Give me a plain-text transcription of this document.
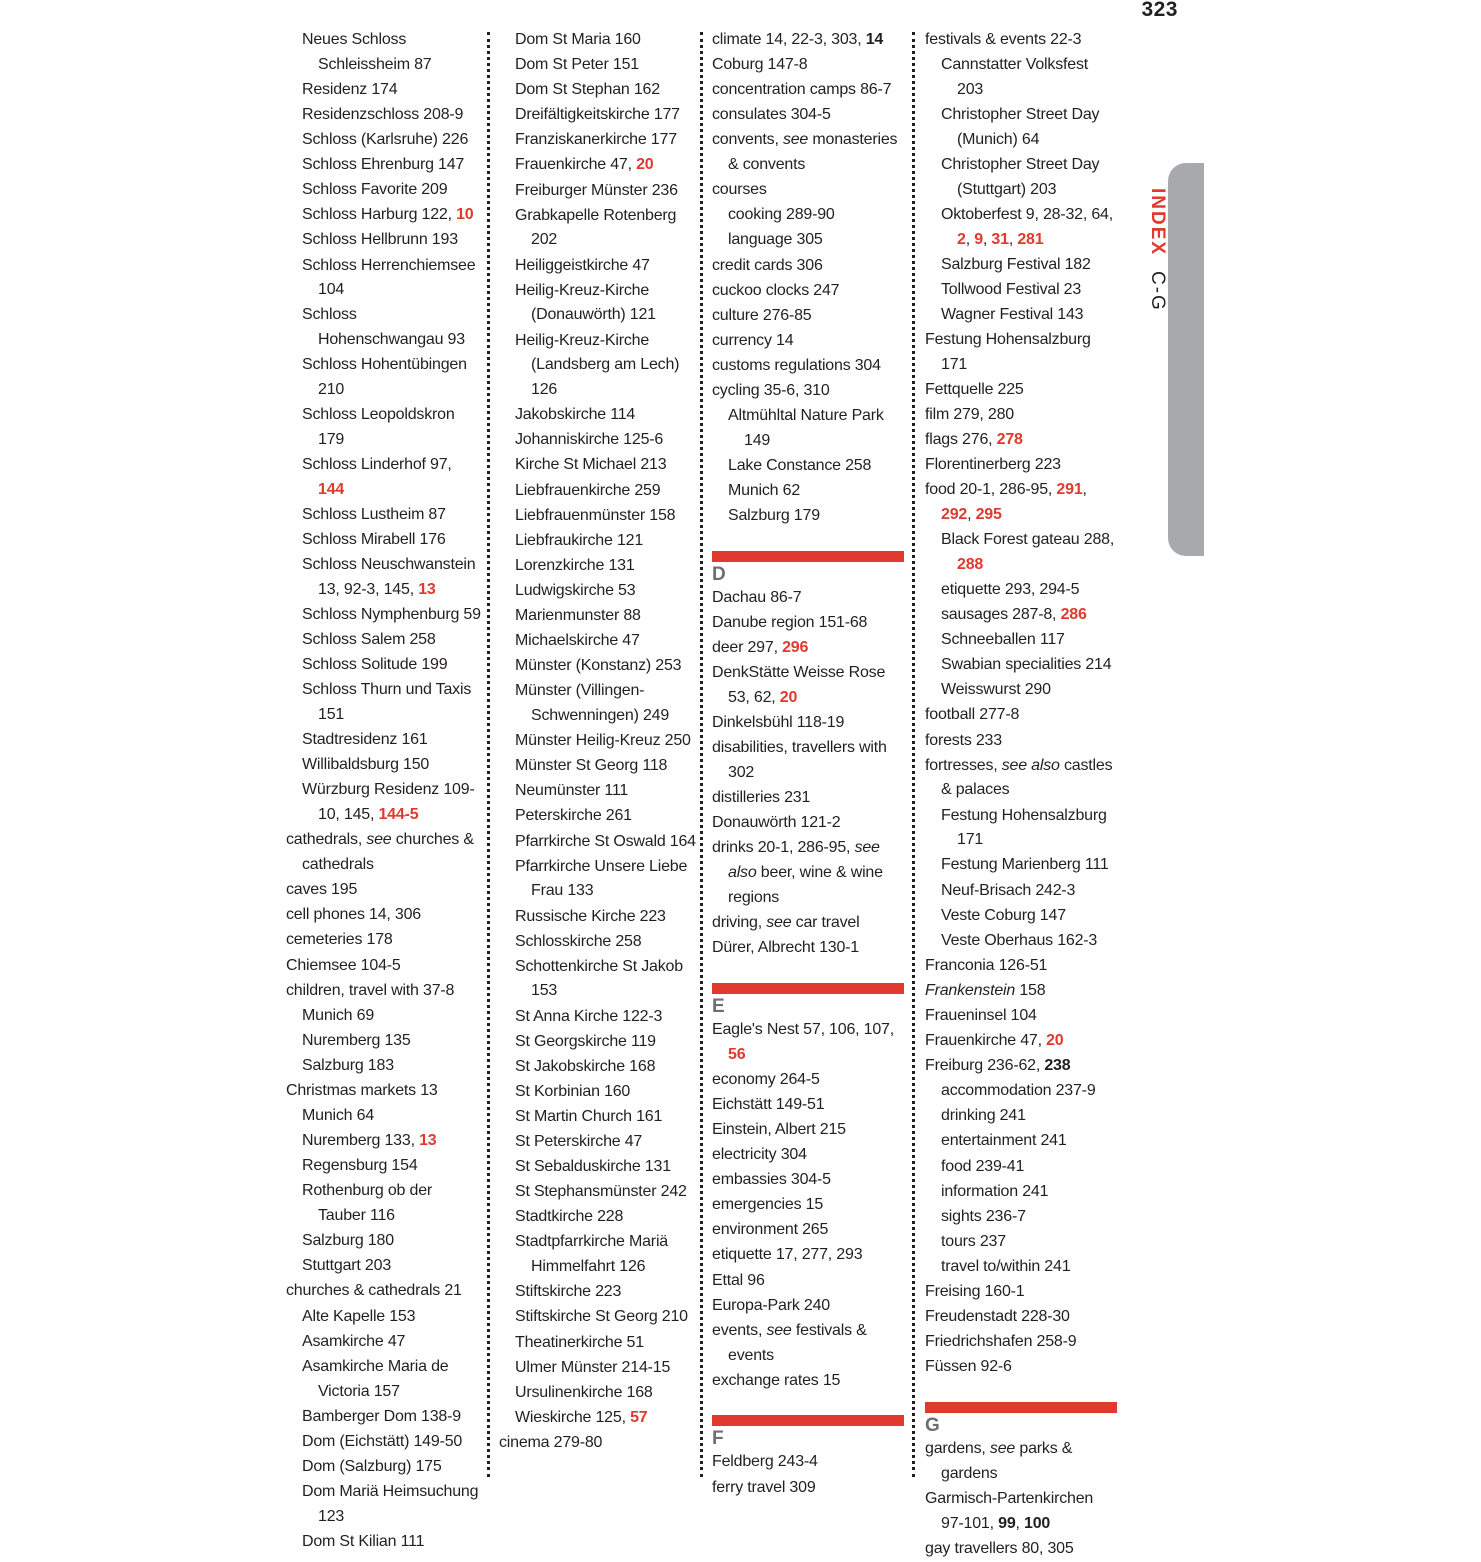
323
INDEX C-G
Neues Schloss Schleissheim 87
Residenz 174
Residenzschloss 208-9
Schloss (Karlsruhe) 226
Schloss Ehrenburg 147
Schloss Favorite 209
Schloss Harburg 122, 10
Schloss Hellbrunn 193
Schloss Herrenchiemsee 104
Schloss Hohenschwangau 93
Schloss Hohentübingen 210
Schloss Leopoldskron 179
Schloss Linderhof 97, 144
Schloss Lustheim 87
Schloss Mirabell 176
Schloss Neuschwanstein 13, 92-3, 145, 13
Schloss Nymphenburg 59
Schloss Salem 258
Schloss Solitude 199
Schloss Thurn und Taxis 151
Stadtresidenz 161
Willibaldsburg 150
Würzburg Residenz 109-10, 145, 144-5
cathedrals, see churches & cathedrals
caves 195
cell phones 14, 306
cemeteries 178
Chiemsee 104-5
children, travel with 37-8
Munich 69
Nuremberg 135
Salzburg 183
Christmas markets 13
Munich 64
Nuremberg 133, 13
Regensburg 154
Rothenburg ob der Tauber 116
Salzburg 180
Stuttgart 203
churches & cathedrals 21
Alte Kapelle 153
Asamkirche 47
Asamkirche Maria de Victoria 157
Bamberger Dom 138-9
Dom (Eichstätt) 149-50
Dom (Salzburg) 175
Dom Mariä Heimsuchung 123
Dom St Kilian 111
Dom St Maria 160
Dom St Peter 151
Dom St Stephan 162
Dreifältigkeitskirche 177
Franziskanerkirche 177
Frauenkirche 47, 20
Freiburger Münster 236
Grabkapelle Rotenberg 202
Heiliggeistkirche 47
Heilig-Kreuz-Kirche (Donauwörth) 121
Heilig-Kreuz-Kirche (Landsberg am Lech) 126
Jakobskirche 114
Johanniskirche 125-6
Kirche St Michael 213
Liebfrauenkirche 259
Liebfrauenmünster 158
Liebfraukirche 121
Lorenzkirche 131
Ludwigskirche 53
Marienmunster 88
Michaelskirche 47
Münster (Konstanz) 253
Münster (Villingen-Schwenningen) 249
Münster Heilig-Kreuz 250
Münster St Georg 118
Neumünster 111
Peterskirche 261
Pfarrkirche St Oswald 164
Pfarrkirche Unsere Liebe Frau 133
Russische Kirche 223
Schlosskirche 258
Schottenkirche St Jakob 153
St Anna Kirche 122-3
St Georgskirche 119
St Jakobskirche 168
St Korbinian 160
St Martin Church 161
St Peterskirche 47
St Sebalduskirche 131
St Stephansmünster 242
Stadtkirche 228
Stadtpfarrkirche Mariä Himmelfahrt 126
Stiftskirche 223
Stiftskirche St Georg 210
Theatinerkirche 51
Ulmer Münster 214-15
Ursulinenkirche 168
Wieskirche 125, 57
cinema 279-80
climate 14, 22-3, 303, 14
Coburg 147-8
concentration camps 86-7
consulates 304-5
convents, see monasteries & convents
courses
cooking 289-90
language 305
credit cards 306
cuckoo clocks 247
culture 276-85
currency 14
customs regulations 304
cycling 35-6, 310
Altmühltal Nature Park 149
Lake Constance 258
Munich 62
Salzburg 179
D
Dachau 86-7
Danube region 151-68
deer 297, 296
DenkStätte Weisse Rose 53, 62, 20
Dinkelsbühl 118-19
disabilities, travellers with 302
distilleries 231
Donauwörth 121-2
drinks 20-1, 286-95, see also beer, wine & wine regions
driving, see car travel
Dürer, Albrecht 130-1
E
Eagle's Nest 57, 106, 107, 56
economy 264-5
Eichstätt 149-51
Einstein, Albert 215
electricity 304
embassies 304-5
emergencies 15
environment 265
etiquette 17, 277, 293
Ettal 96
Europa-Park 240
events, see festivals & events
exchange rates 15
F
Feldberg 243-4
ferry travel 309
festivals & events 22-3
Cannstatter Volksfest 203
Christopher Street Day (Munich) 64
Christopher Street Day (Stuttgart) 203
Oktoberfest 9, 28-32, 64, 2, 9, 31, 281
Salzburg Festival 182
Tollwood Festival 23
Wagner Festival 143
Festung Hohensalzburg 171
Fettquelle 225
film 279, 280
flags 276, 278
Florentinerberg 223
food 20-1, 286-95, 291, 292, 295
Black Forest gateau 288, 288
etiquette 293, 294-5
sausages 287-8, 286
Schneeballen 117
Swabian specialities 214
Weisswurst 290
football 277-8
forests 233
fortresses, see also castles & palaces
Festung Hohensalzburg 171
Festung Marienberg 111
Neuf-Brisach 242-3
Veste Coburg 147
Veste Oberhaus 162-3
Franconia 126-51
Frankenstein 158
Fraueninsel 104
Frauenkirche 47, 20
Freiburg 236-62, 238
accommodation 237-9
drinking 241
entertainment 241
food 239-41
information 241
sights 236-7
tours 237
travel to/within 241
Freising 160-1
Freudenstadt 228-30
Friedrichshafen 258-9
Füssen 92-6
G
gardens, see parks & gardens
Garmisch-Partenkirchen 97-101, 99, 100
gay travellers 80, 305
